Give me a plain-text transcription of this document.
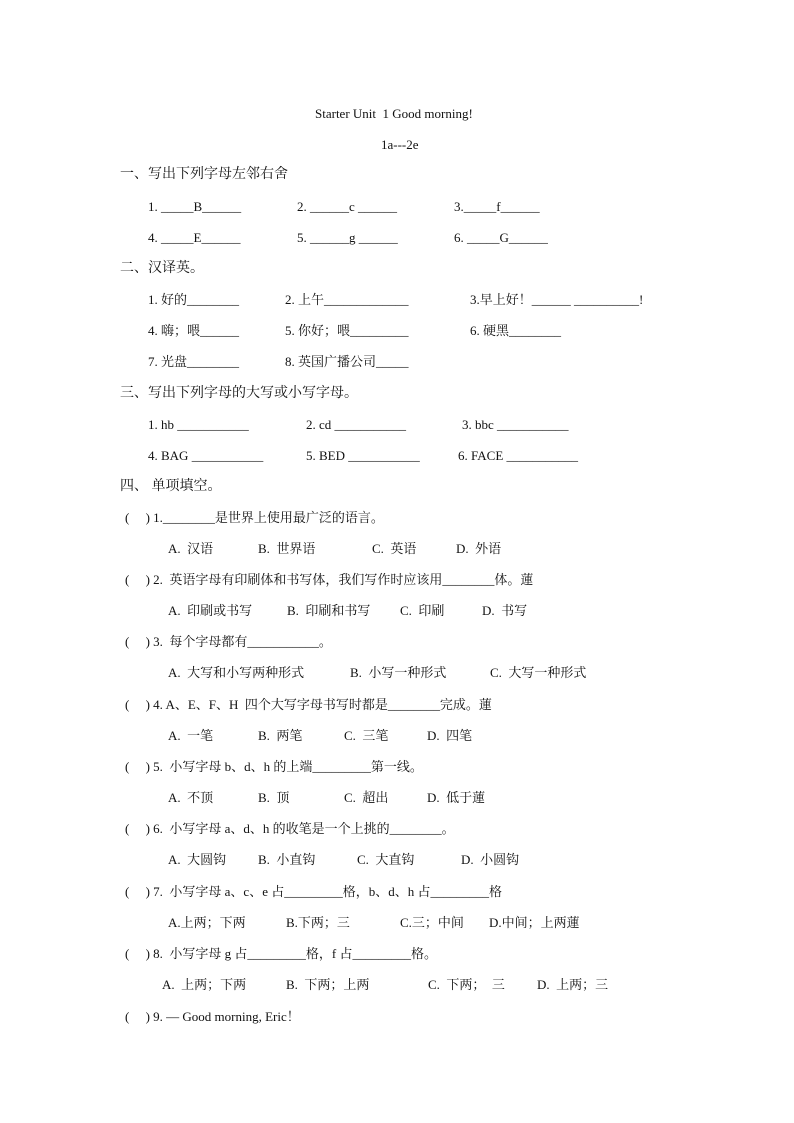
Starter Unit  1 Good morning!
1a---2e
一、写出下列字母左邻右舍
1. _____B______	2. ______c ______	3._____f______
4. _____E______	5. ______g ______	6. _____G______
二、汉译英。
1. 好的________	2. 上午_____________	3.早上好！______ __________!
4. 嗨；喂______	5. 你好；喂_________	6. 硬黑________
7. 光盘________	8. 英国广播公司_____
三、写出下列字母的大写或小写字母。
1. hb ___________	2. cd ___________	3. bbc ___________
4. BAG ___________	5. BED ___________	6. FACE ___________
四、 单项填空。
(     ) 1.________是世界上使用最广泛的语言。
A.  汉语	B.  世界语	C.  英语	D.  外语
(     ) 2.  英语字母有印刷体和书写体，我们写作时应该用________体。蓮
A.  印刷或书写	B.  印刷和书写 C.  印刷	D.  书写
(     ) 3.  每个字母都有___________。
A.  大写和小写两种形式	B.  小写一种形式	C.  大写一种形式
(     ) 4. A、E、F、H  四个大写字母书写时都是________完成。蓮
A.  一笔	B.  两笔	C.  三笔	D.  四笔
(     ) 5.  小写字母 b、d、h 的上端_________第一线。
A.  不顶	B.  顶	C.  超出	D.  低于蓮
(     ) 6.  小写字母 a、d、h 的收笔是一个上挑的________。
A.  大圆钩 B.  小直钩	C.  大直钩	D.  小圆钩
(     ) 7.  小写字母 a、c、e 占_________格，b、d、h 占_________格
A.上两；下两	B.下两；三	C.三；中间 D.中间；上两蓮
(     ) 8.  小写字母 g 占_________格，f 占_________格。
A.  上两；下两	B.  下两；上两	C.  下两；  三 D.  上两；三
(     ) 9. — Good morning, Eric！
